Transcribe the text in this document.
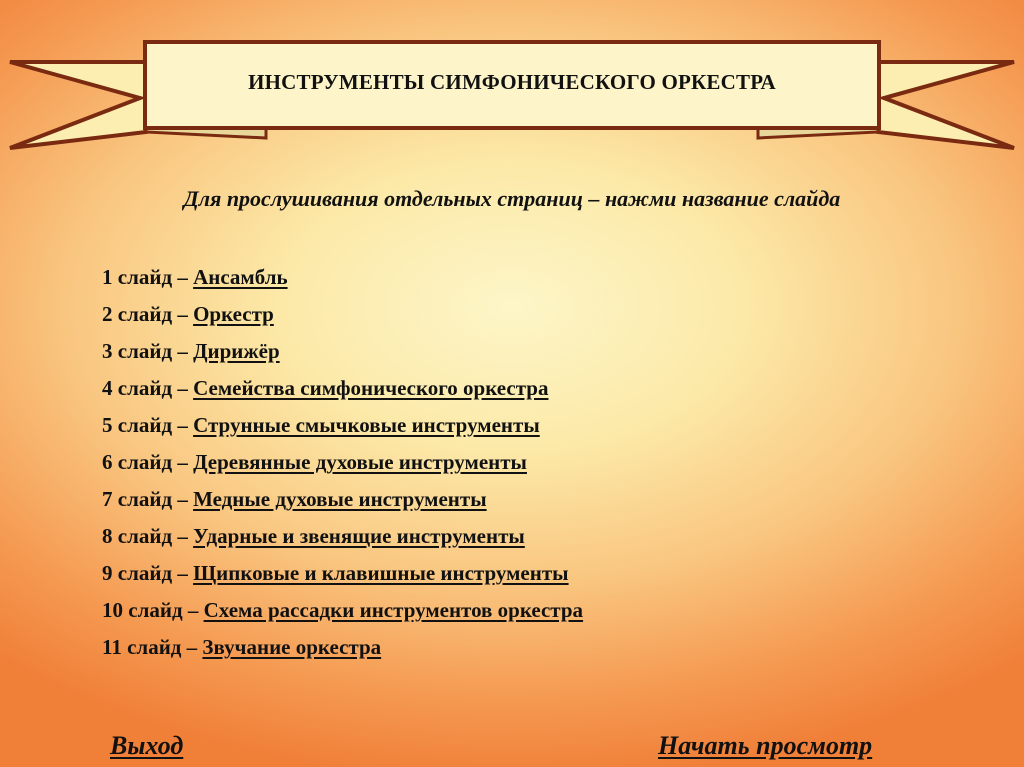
ИНСТРУМЕНТЫ СИМФОНИЧЕСКОГО ОРКЕСТРА
Для прослушивания отдельных страниц – нажми название слайда
1 слайд – Ансамбль
2 слайд – Оркестр
3 слайд – Дирижёр
4 слайд – Семейства симфонического оркестра
5 слайд – Струнные смычковые инструменты
6 слайд – Деревянные духовые инструменты
7 слайд – Медные духовые инструменты
8 слайд – Ударные и звенящие инструменты
9 слайд – Щипковые и клавишные инструменты
10 слайд – Схема рассадки инструментов оркестра
11 слайд – Звучание оркестра
Выход	Начать просмотр
